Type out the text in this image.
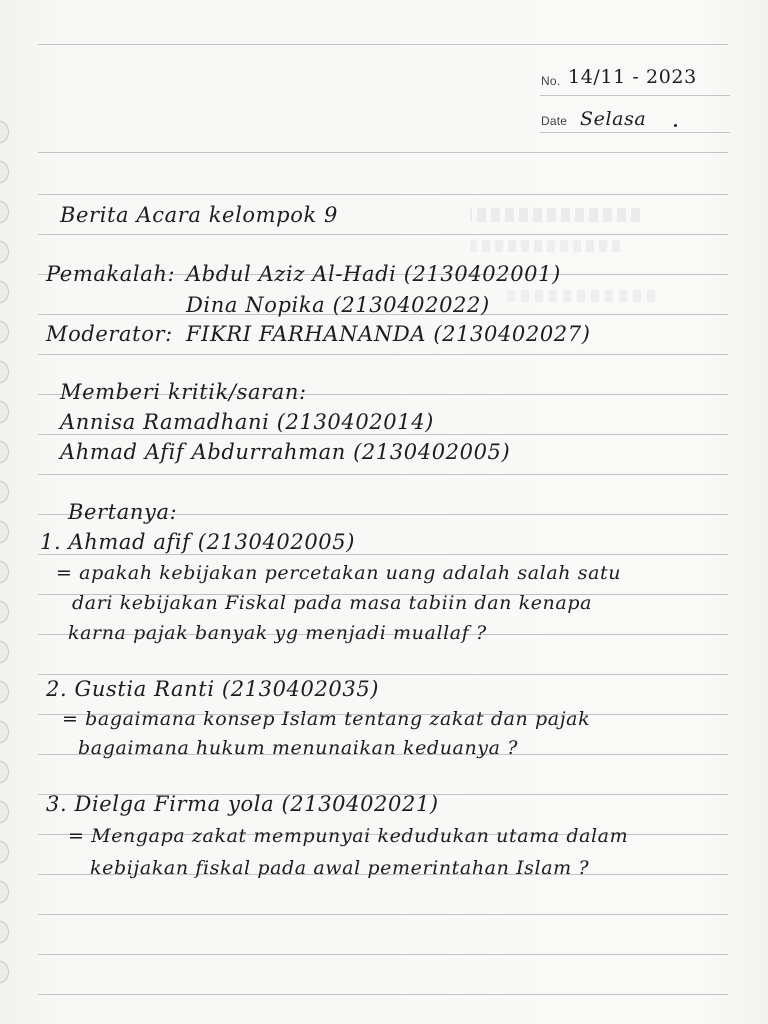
No. 14/11 - 2023
Date Selasa
Berita Acara kelompok 9
Pemakalah: Abdul Aziz Al-Hadi (2130402001)
Dina Nopika (2130402022)
Moderator: FIKRI FARHANANDA (2130402027)
Memberi kritik/saran:
Annisa Ramadhani (2130402014)
Ahmad Afif Abdurrahman (2130402005)
Bertanya:
1. Ahmad afif (2130402005)
= apakah kebijakan percetakan uang adalah salah satu
dari kebijakan Fiskal pada masa tabiin dan kenapa
karna pajak banyak yg menjadi muallaf ?
2. Gustia Ranti (2130402035)
= bagaimana konsep Islam tentang zakat dan pajak
bagaimana hukum menunaikan keduanya ?
3. Dielga Firma yola (2130402021)
= Mengapa zakat mempunyai kedudukan utama dalam
kebijakan fiskal pada awal pemerintahan Islam ?
